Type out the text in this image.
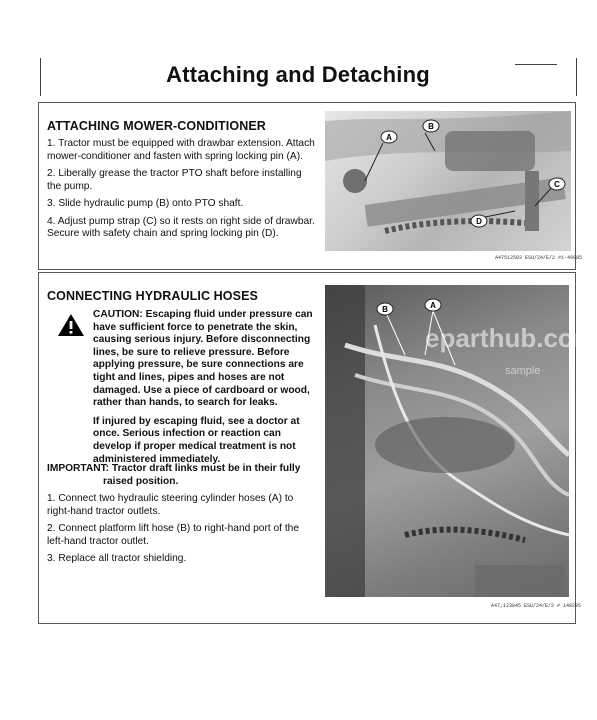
Attaching and Detaching
ATTACHING MOWER-CONDITIONER

1. Tractor must be equipped with drawbar extension. Attach mower-conditioner and fasten with spring locking pin (A).

2. Liberally grease the tractor PTO shaft before installing the pump.

3. Slide hydraulic pump (B) onto PTO shaft.

4. Adjust pump strap (C) so it rests on right side of drawbar. Secure with safety chain and spring locking pin (D).

A
B
C
D
A47512503 ESU/24/E/2 #1-49985
CONNECTING HYDRAULIC HOSES

CAUTION: Escaping fluid under pressure can have sufficient force to penetrate the skin, causing serious injury. Before disconnecting lines, be sure to relieve pressure. Before applying pressure, be sure connections are tight and lines, pipes and hoses are not damaged. Use a piece of cardboard or wood, rather than hands, to search for leaks.

If injured by escaping fluid, see a doctor at once. Serious infection or reaction can develop if proper medical treatment is not administered immediately.

IMPORTANT: Tractor draft links must be in their fully
raised position.

1. Connect two hydraulic steering cylinder hoses (A) to right-hand tractor outlets.

2. Connect platform lift hose (B) to right-hand port of the left-hand tractor outlet.

3. Replace all tractor shielding.

B	A
eparthub.com
sample
A47,123845 ESU/24/E/2 # 148295
